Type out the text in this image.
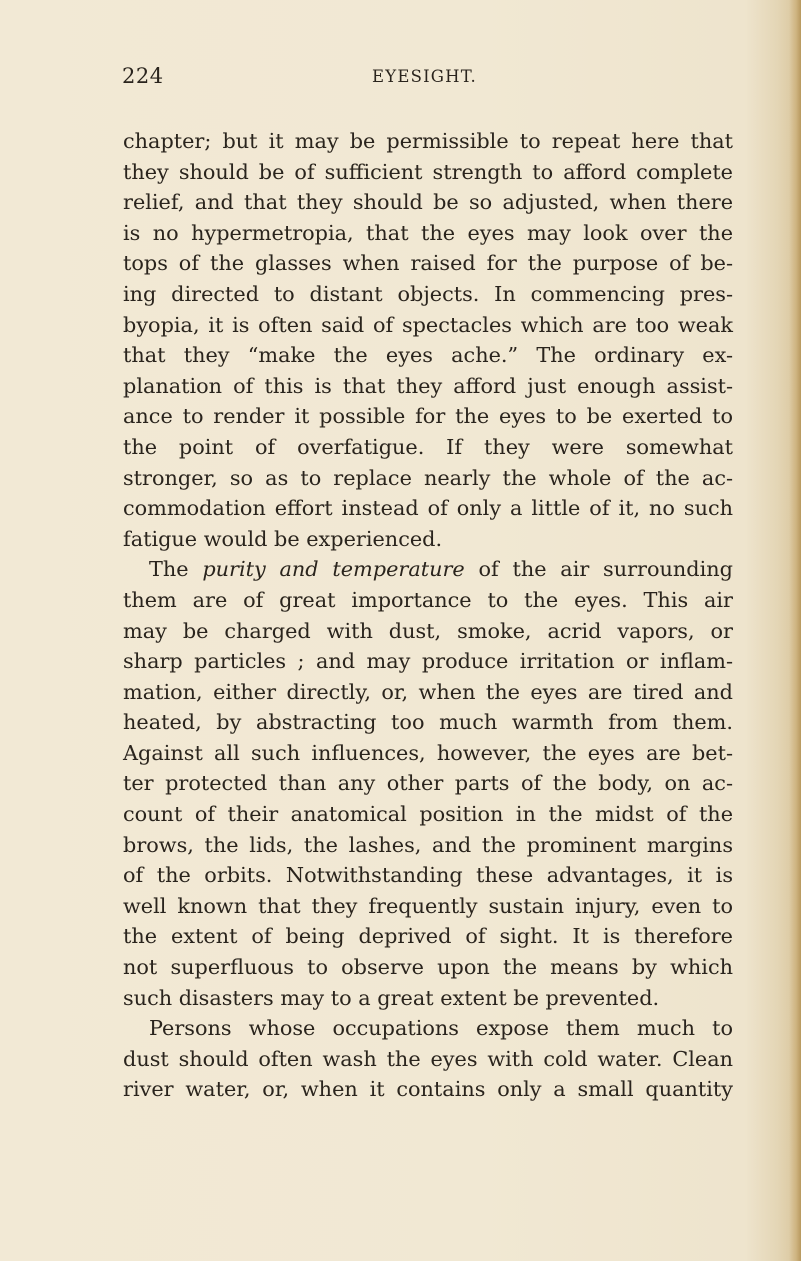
224	EYESIGHT.
chapter; but it may be permissible to repeat here that
they should be of sufficient strength to afford complete
relief, and that they should be so adjusted, when there
is no hypermetropia, that the eyes may look over the
tops of the glasses when raised for the purpose of be-
ing directed to distant objects. In commencing pres-
byopia, it is often said of spectacles which are too weak
that they “make the eyes ache.” The ordinary ex-
planation of this is that they afford just enough assist-
ance to render it possible for the eyes to be exerted to
the point of overfatigue. If they were somewhat
stronger, so as to replace nearly the whole of the ac-
commodation effort instead of only a little of it, no such
fatigue would be experienced.
The purity and temperature of the air surrounding
them are of great importance to the eyes. This air
may be charged with dust, smoke, acrid vapors, or
sharp particles ; and may produce irritation or inflam-
mation, either directly, or, when the eyes are tired and
heated, by abstracting too much warmth from them.
Against all such influences, however, the eyes are bet-
ter protected than any other parts of the body, on ac-
count of their anatomical position in the midst of the
brows, the lids, the lashes, and the prominent margins
of the orbits. Notwithstanding these advantages, it is
well known that they frequently sustain injury, even to
the extent of being deprived of sight. It is therefore
not superfluous to observe upon the means by which
such disasters may to a great extent be prevented.
Persons whose occupations expose them much to
dust should often wash the eyes with cold water. Clean
river water, or, when it contains only a small quantity
